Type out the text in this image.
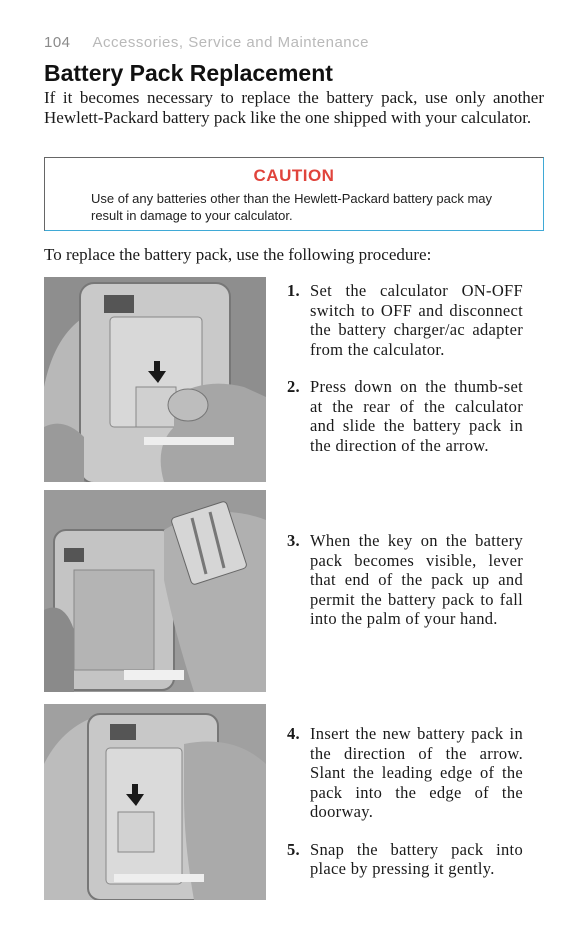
104 Accessories, Service and Maintenance
Battery Pack Replacement
If it becomes necessary to replace the battery pack, use only another Hewlett-Packard battery pack like the one shipped with your calculator.
CAUTION
Use of any batteries other than the Hewlett-Packard battery pack may result in damage to your calculator.
To replace the battery pack, use the following procedure:
1. Set the calculator ON-OFF switch to OFF and disconnect the battery charger/ac adapter from the calculator.
2. Press down on the thumb-set at the rear of the calculator and slide the battery pack in the direction of the arrow.
3. When the key on the battery pack becomes visible, lever that end of the pack up and permit the battery pack to fall into the palm of your hand.
4. Insert the new battery pack in the direction of the arrow. Slant the leading edge of the pack into the edge of the doorway.
5. Snap the battery pack into place by pressing it gently.
